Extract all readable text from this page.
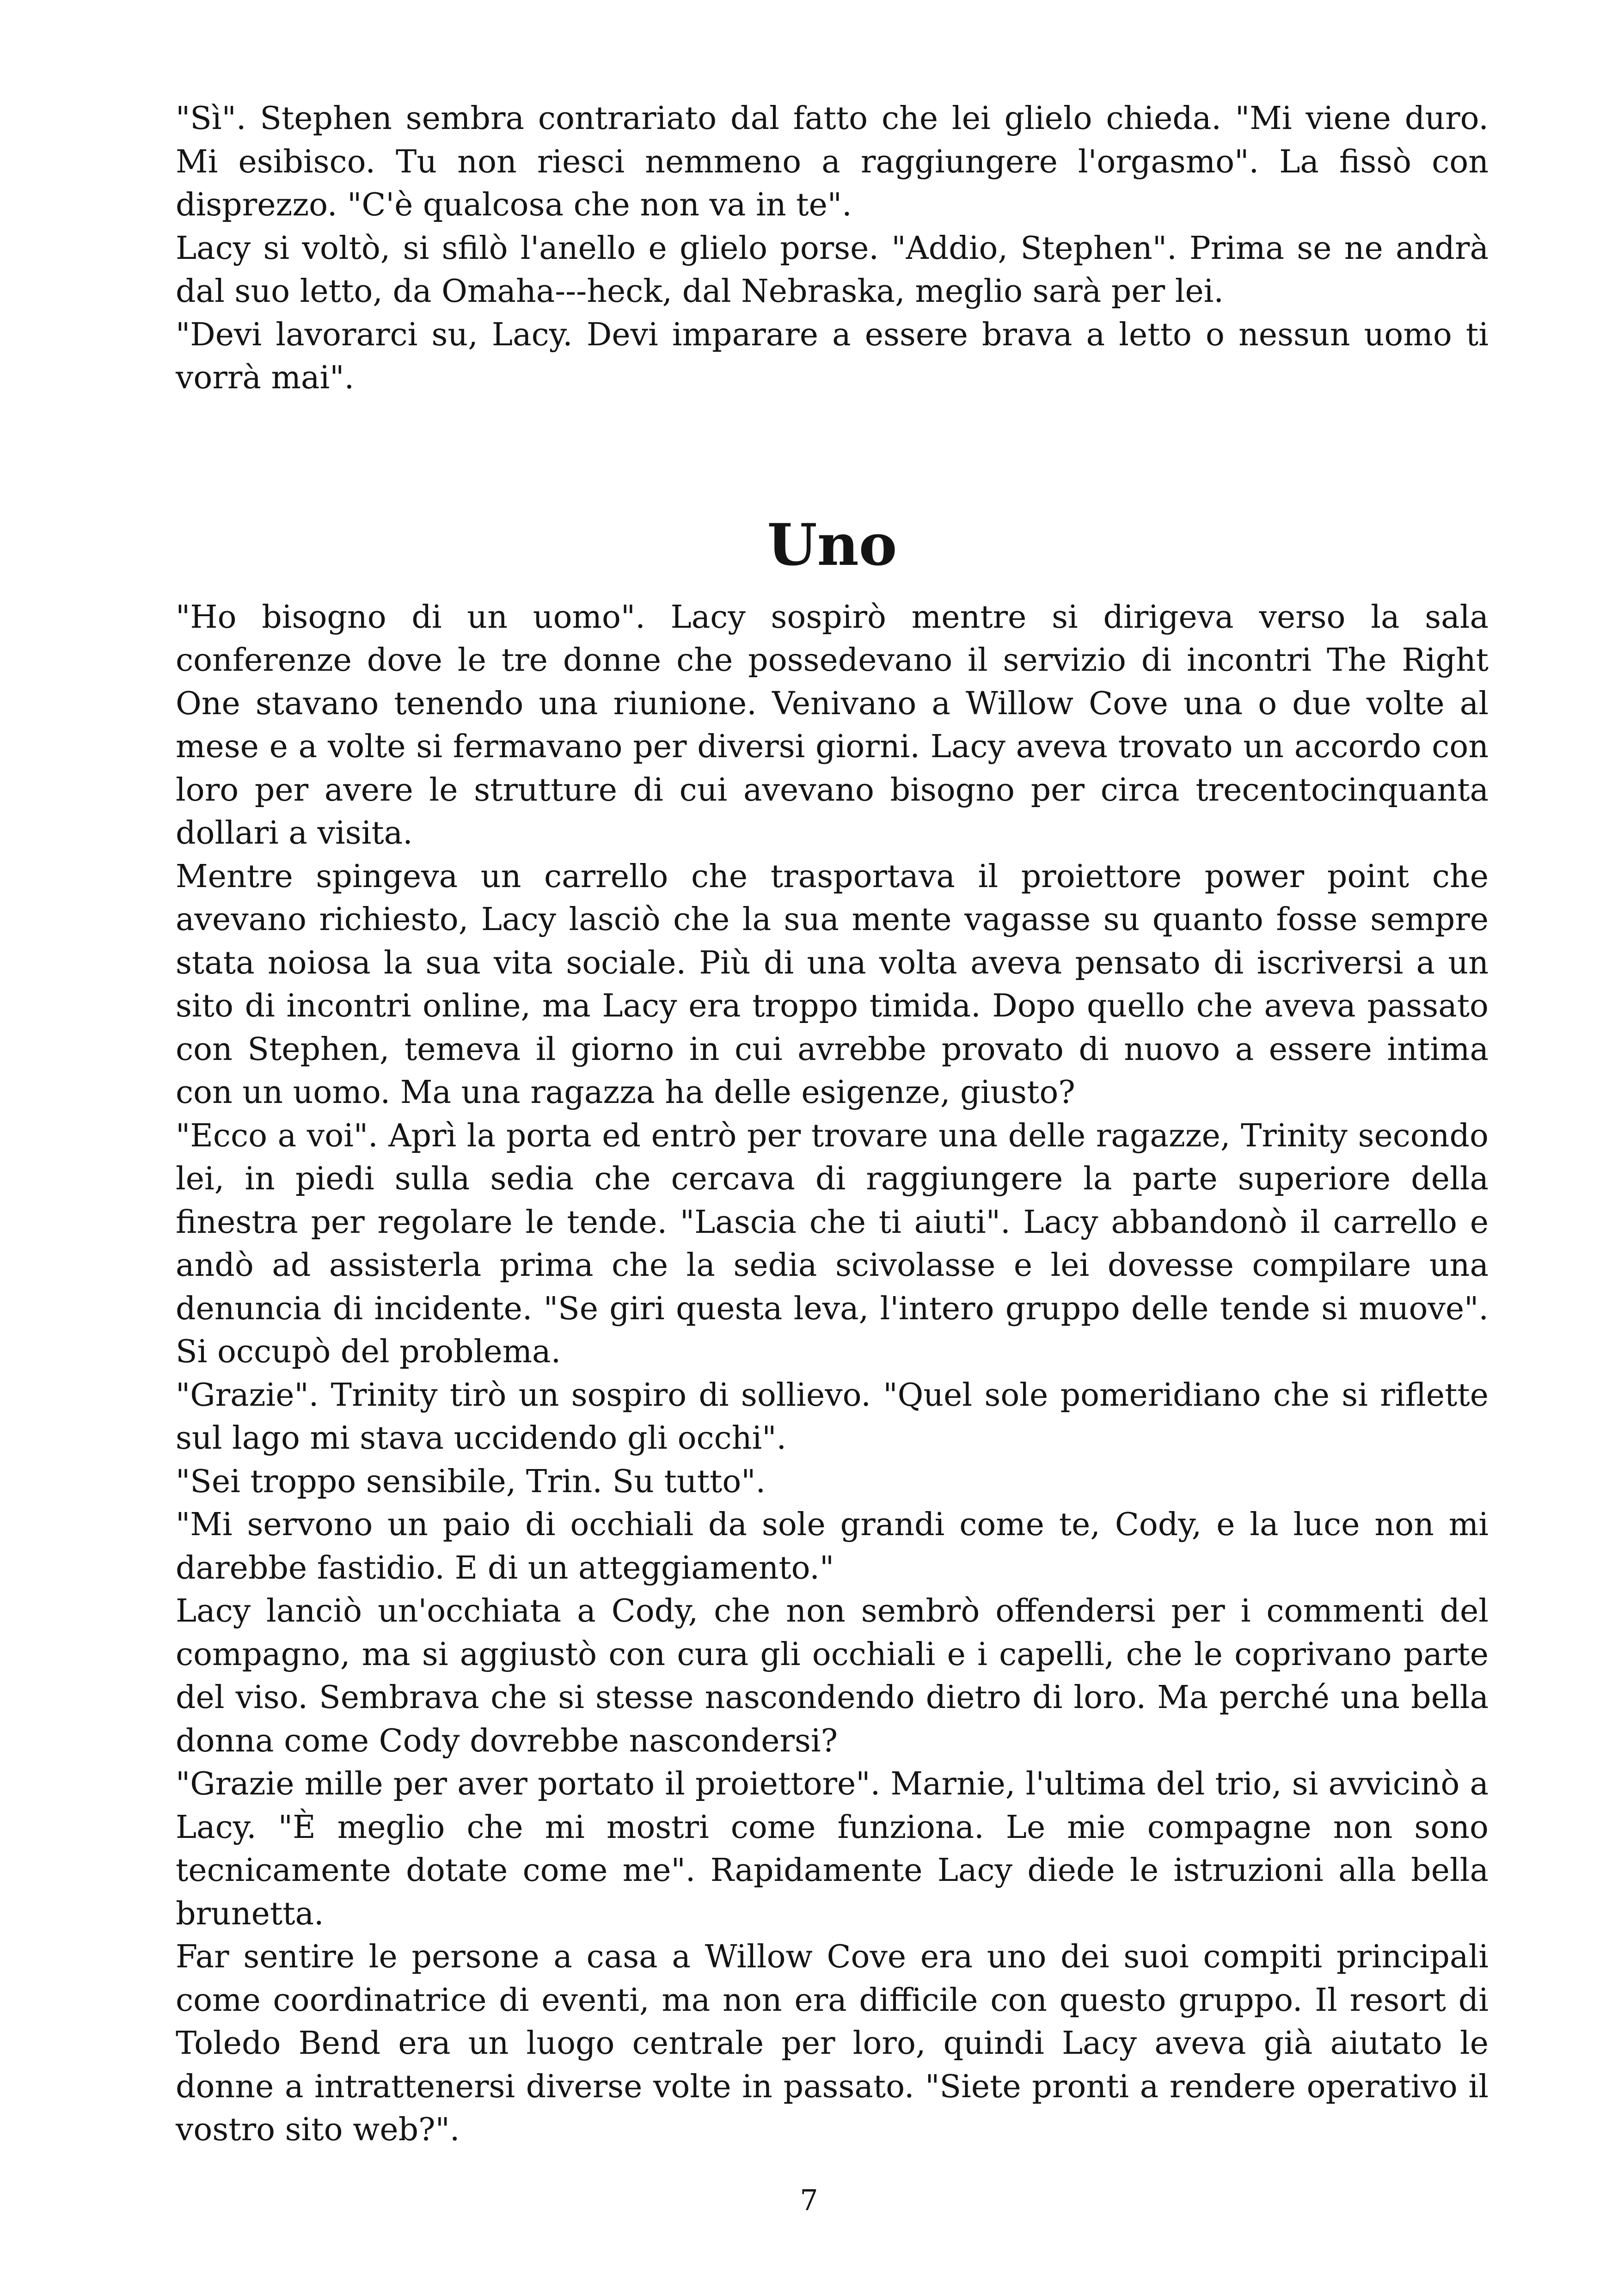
"Sì". Stephen sembra contrariato dal fatto che lei glielo chieda. "Mi viene duro. Mi esibisco. Tu non riesci nemmeno a raggiungere l'orgasmo". La fissò con disprezzo. "C'è qualcosa che non va in te".

Lacy si voltò, si sfilò l'anello e glielo porse. "Addio, Stephen". Prima se ne andrà dal suo letto, da Omaha---heck, dal Nebraska, meglio sarà per lei.

"Devi lavorarci su, Lacy. Devi imparare a essere brava a letto o nessun uomo ti vorrà mai".

Uno

"Ho bisogno di un uomo". Lacy sospirò mentre si dirigeva verso la sala conferenze dove le tre donne che possedevano il servizio di incontri The Right One stavano tenendo una riunione. Venivano a Willow Cove una o due volte al mese e a volte si fermavano per diversi giorni. Lacy aveva trovato un accordo con loro per avere le strutture di cui avevano bisogno per circa trecentocinquanta dollari a visita.

Mentre spingeva un carrello che trasportava il proiettore power point che avevano richiesto, Lacy lasciò che la sua mente vagasse su quanto fosse sempre stata noiosa la sua vita sociale. Più di una volta aveva pensato di iscriversi a un sito di incontri online, ma Lacy era troppo timida. Dopo quello che aveva passato con Stephen, temeva il giorno in cui avrebbe provato di nuovo a essere intima con un uomo. Ma una ragazza ha delle esigenze, giusto?

"Ecco a voi". Aprì la porta ed entrò per trovare una delle ragazze, Trinity secondo lei, in piedi sulla sedia che cercava di raggiungere la parte superiore della finestra per regolare le tende. "Lascia che ti aiuti". Lacy abbandonò il carrello e andò ad assisterla prima che la sedia scivolasse e lei dovesse compilare una denuncia di incidente. "Se giri questa leva, l'intero gruppo delle tende si muove". Si occupò del problema.

"Grazie". Trinity tirò un sospiro di sollievo. "Quel sole pomeridiano che si riflette sul lago mi stava uccidendo gli occhi".

"Sei troppo sensibile, Trin. Su tutto".

"Mi servono un paio di occhiali da sole grandi come te, Cody, e la luce non mi darebbe fastidio. E di un atteggiamento."

Lacy lanciò un'occhiata a Cody, che non sembrò offendersi per i commenti del compagno, ma si aggiustò con cura gli occhiali e i capelli, che le coprivano parte del viso. Sembrava che si stesse nascondendo dietro di loro. Ma perché una bella donna come Cody dovrebbe nascondersi?

"Grazie mille per aver portato il proiettore". Marnie, l'ultima del trio, si avvicinò a Lacy. "È meglio che mi mostri come funziona. Le mie compagne non sono tecnicamente dotate come me". Rapidamente Lacy diede le istruzioni alla bella brunetta.

Far sentire le persone a casa a Willow Cove era uno dei suoi compiti principali come coordinatrice di eventi, ma non era difficile con questo gruppo. Il resort di Toledo Bend era un luogo centrale per loro, quindi Lacy aveva già aiutato le donne a intrattenersi diverse volte in passato. "Siete pronti a rendere operativo il vostro sito web?".

7
